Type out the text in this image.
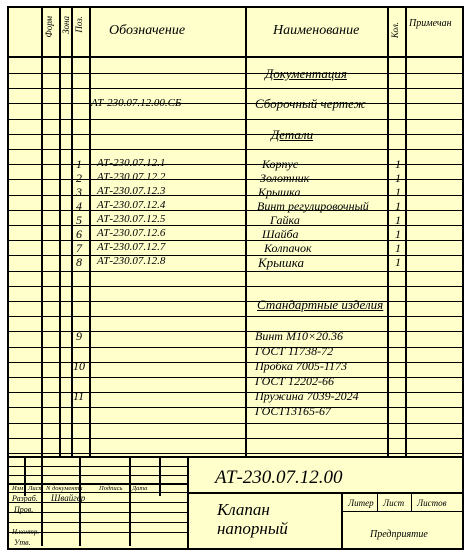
Форм Зона Поз. Обозначение	Наименование	Кол. Примечан
Документация
АТ-230.07.12.00.СБ	Сборочный чертеж
Детали
1 АТ-230.07.12.1	Корпус	1
2 АТ-230.07.12.2	Золотник	1
3 АТ-230.07.12.3	Крышка	1
4 АТ-230.07.12.4	Винт регулировочный 1
5 АТ-230.07.12.5	Гайка	1
6 АТ-230.07.12.6	Шайба	1
7 АТ-230.07.12.7	Колпачок	1
8 АТ-230.07.12.8	Крышка	1
Стандартные изделия
9	Винт М10×20.36
ГОСТ 11738-72
10	Пробка 7005-1173
ГОСТ 12202-66
11	Пружина 7039-2024
ГОСТ13165-67
АТ-230.07.12.00
Клапан
напорный
Изм Лист N документа	Подпись Дата
Разраб. Швайгер
Пров.
Н.контр.
Утв.
Литер Лист Листов
Предприятие
